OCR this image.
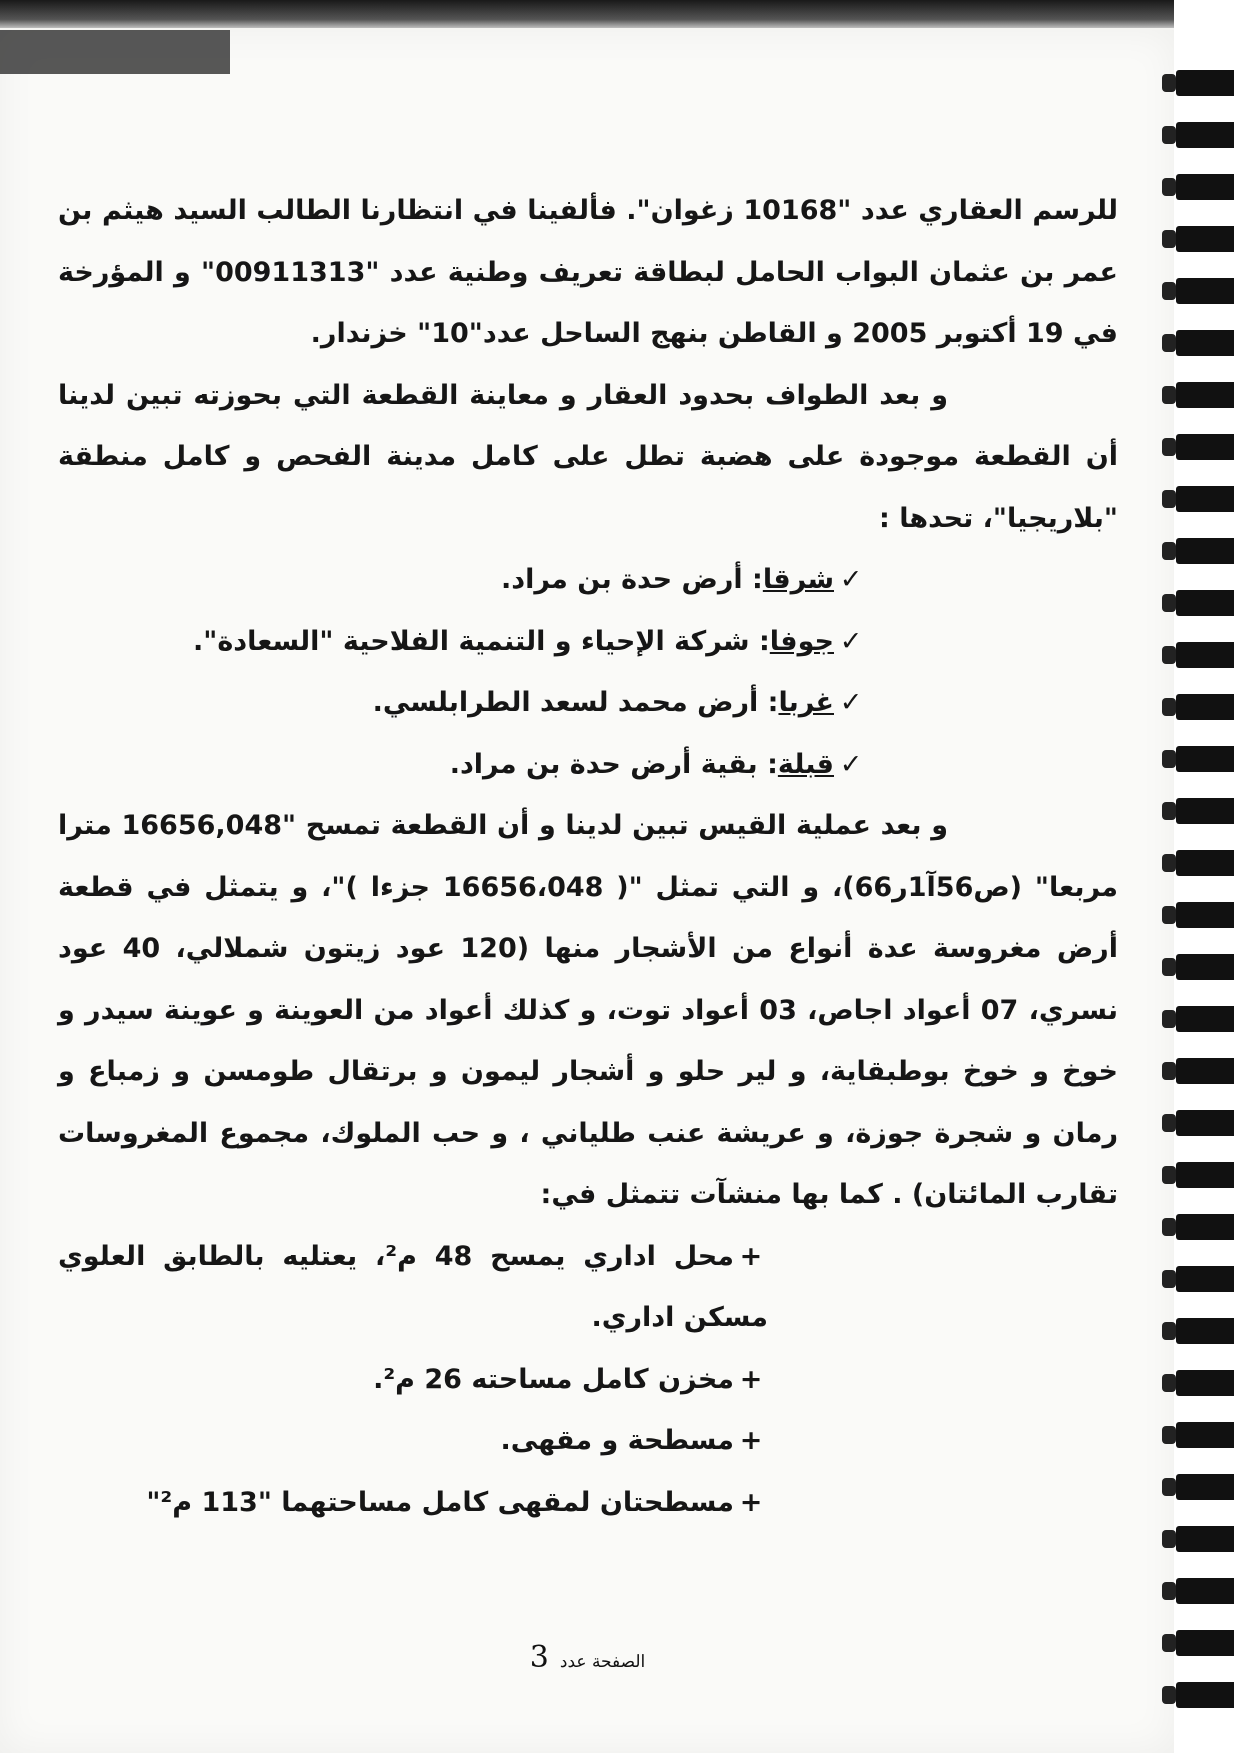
للرسم العقاري عدد "10168 زغوان". فألفينا في انتظارنا الطالب السيد هيثم بن عمر بن عثمان البواب الحامل لبطاقة تعريف وطنية عدد "00911313" و المؤرخة في 19 أكتوبر 2005 و القاطن بنهج الساحل عدد"10" خزندار.

و بعد الطواف بحدود العقار و معاينة القطعة التي بحوزته تبين لدينا أن القطعة موجودة على هضبة تطل على كامل مدينة الفحص و كامل منطقة "بلاريجيا"، تحدها :

✓شرقا: أرض حدة بن مراد.

✓جوفا: شركة الإحياء و التنمية الفلاحية "السعادة".

✓غربا: أرض محمد لسعد الطرابلسي.

✓قبلة: بقية أرض حدة بن مراد.

و بعد عملية القيس تبين لدينا و أن القطعة تمسح "16656,048 مترا مربعا" (ص56آ1ر66)، و التي تمثل "( 16656،048 جزءا )"، و يتمثل في قطعة أرض مغروسة عدة أنواع من الأشجار منها (120 عود زيتون شملالي، 40 عود نسري، 07 أعواد اجاص، 03 أعواد توت، و كذلك أعواد من العوينة و عوينة سيدر و خوخ و خوخ بوطبقاية، و لير حلو و أشجار ليمون و برتقال طومسن و زمباع و رمان و شجرة جوزة، و عريشة عنب طلياني ، و حب الملوك، مجموع المغروسات تقارب المائتان) . كما بها منشآت تتمثل في:

+محل اداري يمسح 48 م²، يعتليه بالطابق العلوي مسكن اداري.

+مخزن كامل مساحته 26 م².

+مسطحة و مقهى.

+مسطحتان لمقهى كامل مساحتهما "113 م²"

الصفحة عدد 3
